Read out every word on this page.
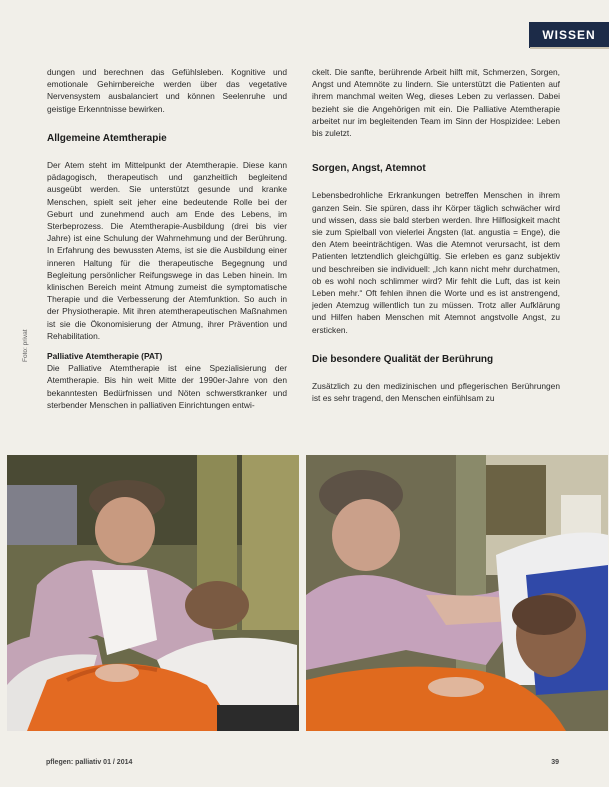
WISSEN

dungen und berechnen das Gefühlsleben. Kognitive und emotionale Gehirnbereiche werden über das vegetative Nervensystem ausbalanciert und können Seelenruhe und geistige Erkenntnisse bewirken.

Allgemeine Atemtherapie

Der Atem steht im Mittelpunkt der Atemtherapie. Diese kann pädagogisch, therapeutisch und ganzheitlich begleitend ausgeübt werden. Sie unterstützt gesunde und kranke Menschen, spielt seit jeher eine bedeutende Rolle bei der Geburt und zunehmend auch am Ende des Lebens, im Sterbeprozess. Die Atemtherapie-Ausbildung (drei bis vier Jahre) ist eine Schulung der Wahrnehmung und der Berührung. In Erfahrung des bewussten Atems, ist sie die Ausbildung einer inneren Haltung für die therapeutische Begegnung und Begleitung persönlicher Reifungswege in das Leben hinein. Im klinischen Bereich meint Atmung zumeist die symptomatische Therapie und die Verbesserung der Atemfunktion. So auch in der Physiotherapie. Mit ihren atemtherapeutischen Maßnahmen ist sie die Ökonomisierung der Atmung, ihrer Prävention und Rehabilitation.

Palliative Atemtherapie (PAT)

Die Palliative Atemtherapie ist eine Spezialisierung der Atemtherapie. Bis hin weit Mitte der 1990er-Jahre von den bekanntesten Bedürfnissen und Nöten schwerstkranker und sterbender Menschen in palliativen Einrichtungen entwi-

Foto: privat

ckelt. Die sanfte, berührende Arbeit hilft mit, Schmerzen, Sorgen, Angst und Atemnöte zu lindern. Sie unterstützt die Patienten auf ihrem manchmal weiten Weg, dieses Leben zu verlassen. Dabei bezieht sie die Angehörigen mit ein. Die Palliative Atemtherapie arbeitet nur im begleitenden Team im Sinn der Hospizidee: Leben bis zuletzt.

Sorgen, Angst, Atemnot

Lebensbedrohliche Erkrankungen betreffen Menschen in ihrem ganzen Sein. Sie spüren, dass ihr Körper täglich schwächer wird und wissen, dass sie bald sterben werden. Ihre Hilflosigkeit macht sie zum Spielball von vielerlei Ängsten (lat. angustia = Enge), die den Atem beeinträchtigen. Was die Atemnot verursacht, ist dem Patienten letztendlich gleichgültig. Sie erleben es ganz subjektiv und beschreiben sie individuell: „Ich kann nicht mehr durchatmen, ob es wohl noch schlimmer wird? Mir fehlt die Luft, das ist kein Leben mehr.“ Oft fehlen ihnen die Worte und es ist anstrengend, jeden Atemzug willentlich tun zu müssen. Trotz aller Aufklärung und Hilfen haben Menschen mit Atemnot angstvolle Angst, zu ersticken.

Die besondere Qualität der Berührung

Zusätzlich zu den medizinischen und pflegerischen Berührungen ist es sehr tragend, den Menschen einfühlsam zu

pflegen: palliativ 01 / 2014	39
